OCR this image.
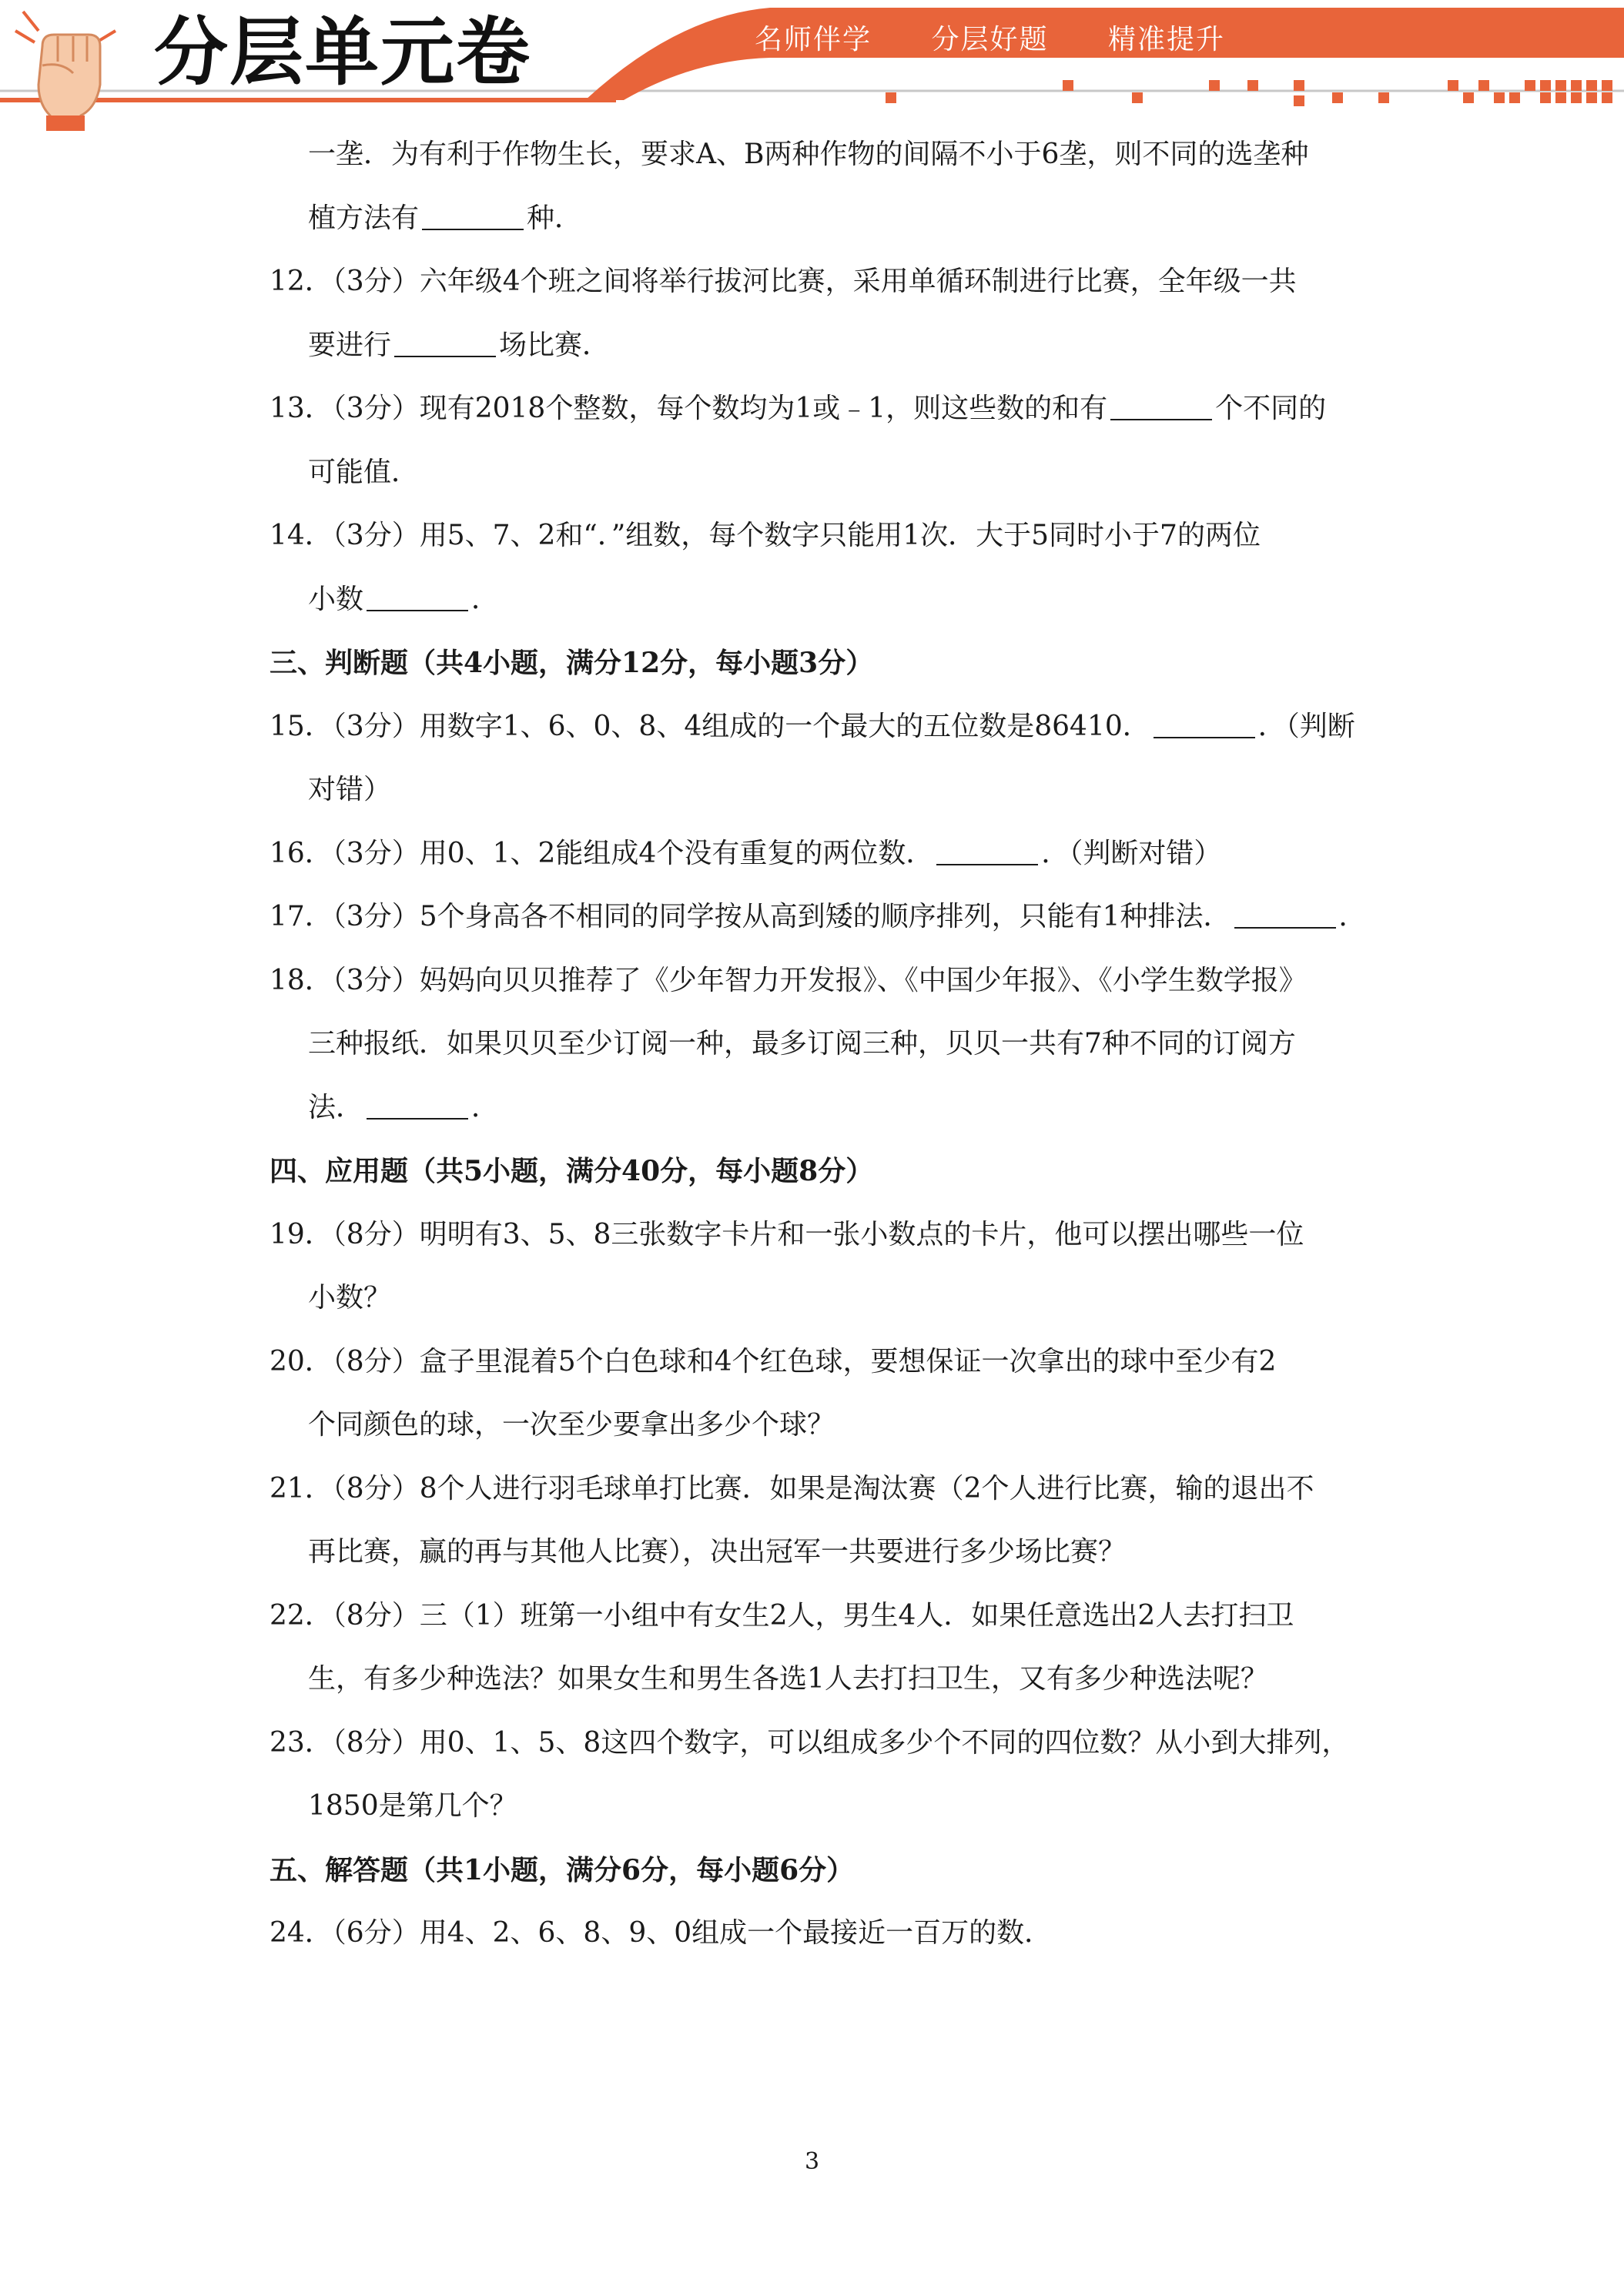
分层单元卷	名师伴学 分层好题 精准提升
一垄．为有利于作物生长，要求A、B两种作物的间隔不小于6垄，则不同的选垄种
植方法有	种．
12．（3分）六年级4个班之间将举行拔河比赛，采用单循环制进行比赛，全年级一共
要进行	场比赛．
13．（3分）现有2018个整数，每个数均为1或﹣1，则这些数的和有	个不同的
可能值．
14．（3分）用5、7、2和“．”组数，每个数字只能用1次．大于5同时小于7的两位
小数	．
三、判断题（共4小题，满分12分，每小题3分）
15．（3分）用数字1、6、0、8、4组成的一个最大的五位数是86410．	．（判断
对错）
16．（3分）用0、1、2能组成4个没有重复的两位数．	．（判断对错）
17．（3分）5个身高各不相同的同学按从高到矮的顺序排列，只能有1种排法．	．
18．（3分）妈妈向贝贝推荐了《少年智力开发报》、《中国少年报》、《小学生数学报》
三种报纸．如果贝贝至少订阅一种，最多订阅三种，贝贝一共有7种不同的订阅方
法．	．
四、应用题（共5小题，满分40分，每小题8分）
19．（8分）明明有3、5、8三张数字卡片和一张小数点的卡片，他可以摆出哪些一位
小数？
20．（8分）盒子里混着5个白色球和4个红色球，要想保证一次拿出的球中至少有2
个同颜色的球，一次至少要拿出多少个球？
21．（8分）8个人进行羽毛球单打比赛．如果是淘汰赛（2个人进行比赛，输的退出不
再比赛，赢的再与其他人比赛），决出冠军一共要进行多少场比赛？
22．（8分）三（1）班第一小组中有女生2人，男生4人．如果任意选出2人去打扫卫
生，有多少种选法？如果女生和男生各选1人去打扫卫生，又有多少种选法呢？
23．（8分）用0、1、5、8这四个数字，可以组成多少个不同的四位数？从小到大排列，
1850是第几个？
五、解答题（共1小题，满分6分，每小题6分）
24．（6分）用4、2、6、8、9、0组成一个最接近一百万的数．
3
